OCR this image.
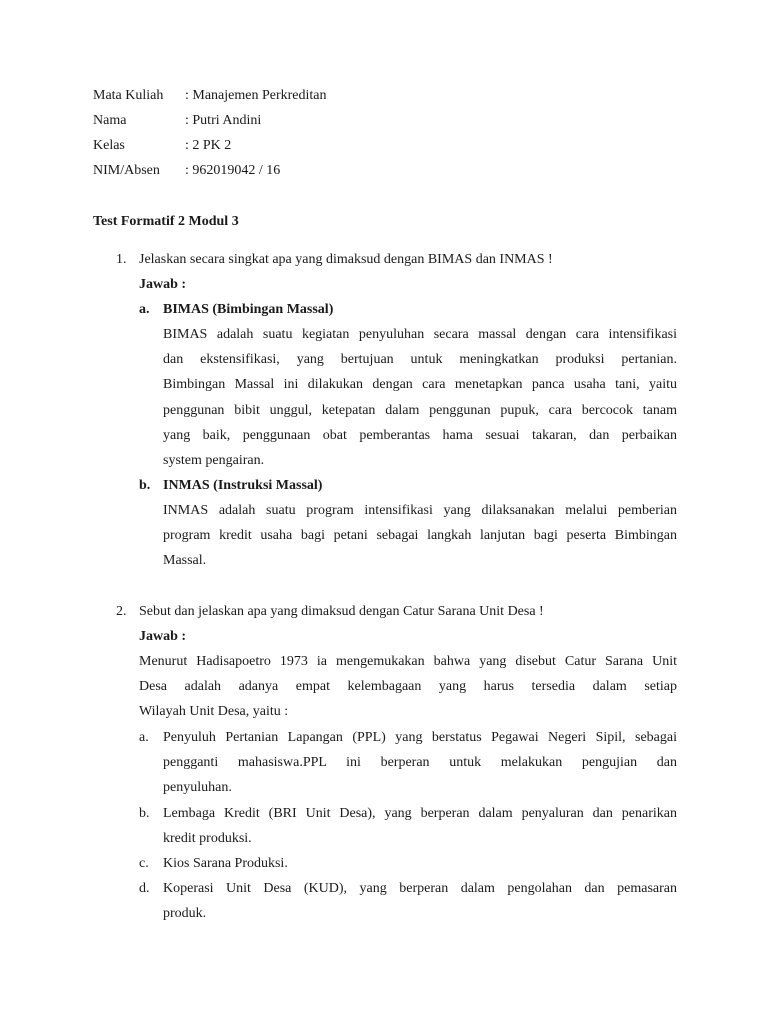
Mata Kuliah	: Manajemen Perkreditan
Nama	: Putri Andini
Kelas	: 2 PK 2
NIM/Absen	: 962019042 / 16
Test Formatif 2 Modul 3
1. Jelaskan secara singkat apa yang dimaksud dengan BIMAS dan INMAS !
Jawab :
a. BIMAS (Bimbingan Massal)
BIMAS adalah suatu kegiatan penyuluhan secara massal dengan cara intensifikasi
dan ekstensifikasi, yang bertujuan untuk meningkatkan produksi pertanian.
Bimbingan Massal ini dilakukan dengan cara menetapkan panca usaha tani, yaitu
penggunan bibit unggul, ketepatan dalam penggunan pupuk, cara bercocok tanam
yang baik, penggunaan obat pemberantas hama sesuai takaran, dan perbaikan
system pengairan.
b. INMAS (Instruksi Massal)
INMAS adalah suatu program intensifikasi yang dilaksanakan melalui pemberian
program kredit usaha bagi petani sebagai langkah lanjutan bagi peserta Bimbingan
Massal.
2. Sebut dan jelaskan apa yang dimaksud dengan Catur Sarana Unit Desa !
Jawab :
Menurut Hadisapoetro 1973 ia mengemukakan bahwa yang disebut Catur Sarana Unit
Desa adalah adanya empat kelembagaan yang harus tersedia dalam setiap
Wilayah Unit Desa, yaitu :
a. Penyuluh Pertanian Lapangan (PPL) yang berstatus Pegawai Negeri Sipil, sebagai
pengganti mahasiswa.PPL ini berperan untuk melakukan pengujian dan
penyuluhan.
b. Lembaga Kredit (BRI Unit Desa), yang berperan dalam penyaluran dan penarikan
kredit produksi.
c. Kios Sarana Produksi.
d. Koperasi Unit Desa (KUD), yang berperan dalam pengolahan dan pemasaran
produk.
